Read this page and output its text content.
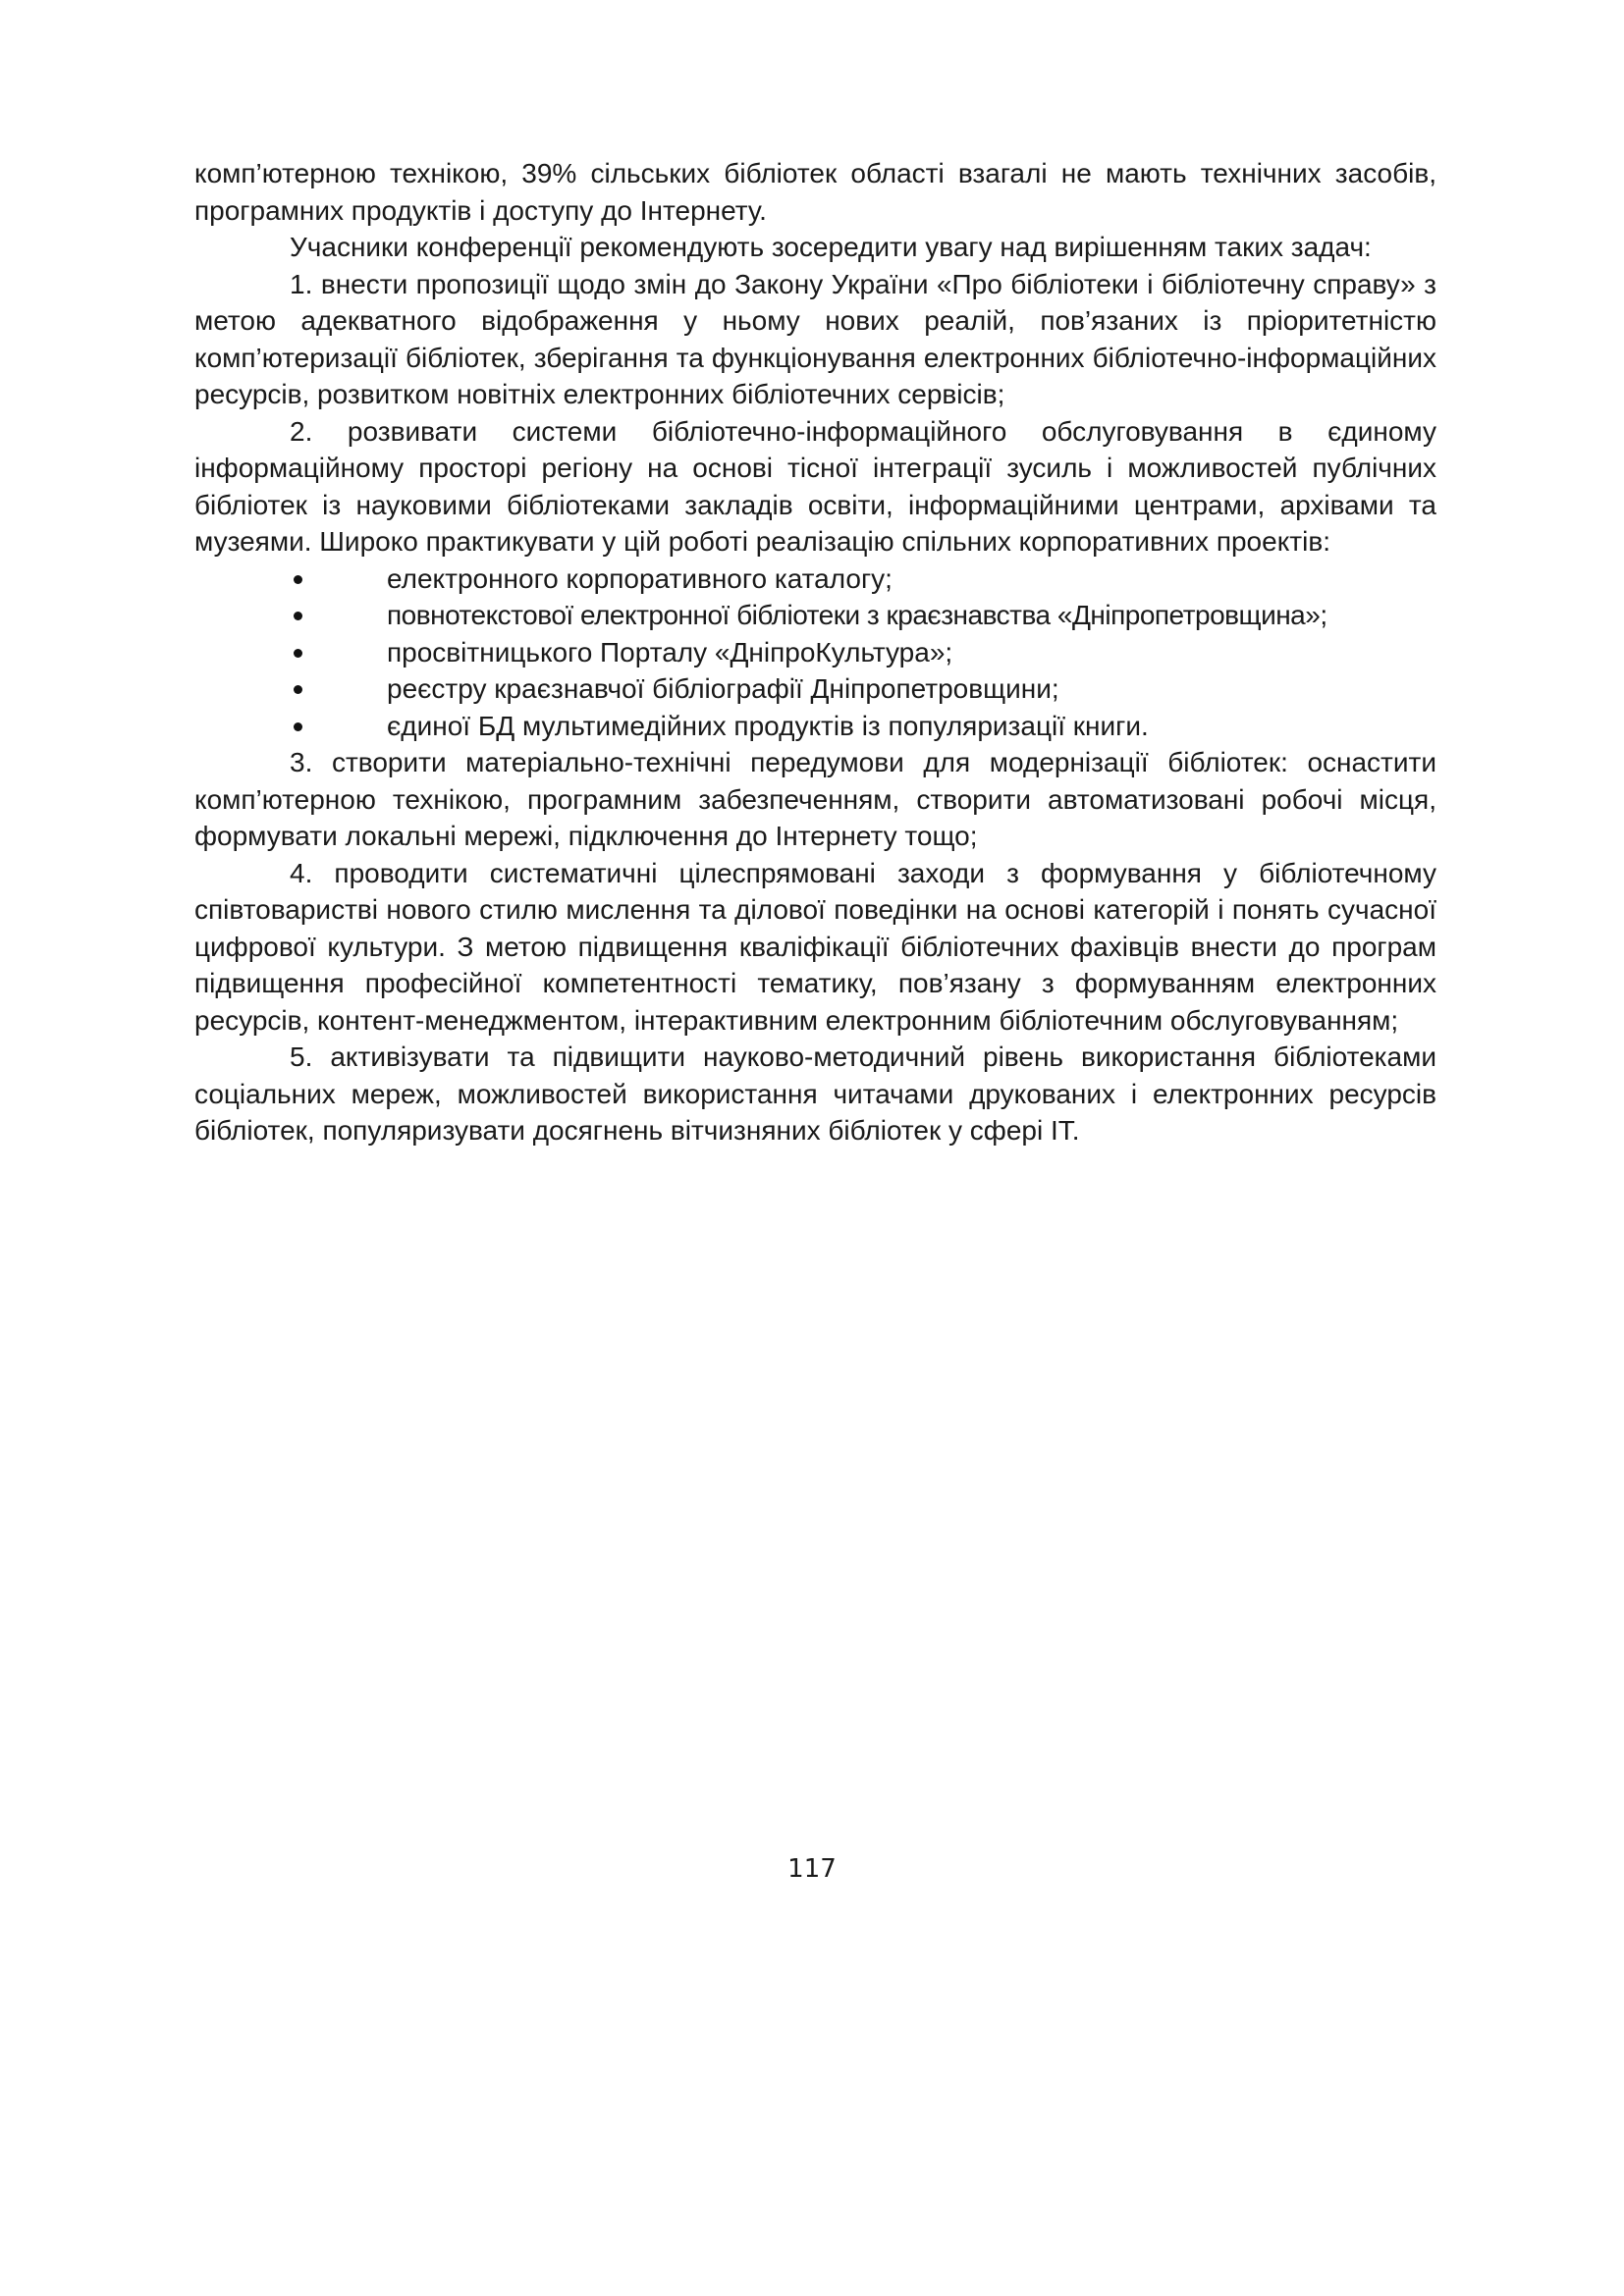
комп’ютерною технікою, 39% сільських бібліотек області взагалі не мають технічних засобів, програмних продуктів і доступу до Інтернету.

Учасники конференції рекомендують зосередити увагу над вирішенням таких задач:

1. внести пропозиції щодо змін до Закону України «Про бібліотеки і бібліотечну справу» з метою адекватного відображення у ньому нових реалій, пов’язаних із пріоритетністю комп’ютеризації бібліотек, зберігання та функціонування електронних бібліотечно-інформаційних ресурсів, розвитком новітніх електронних бібліотечних сервісів;

2. розвивати системи бібліотечно-інформаційного обслуговування в єдиному інформаційному просторі регіону на основі тісної інтеграції зусиль і можливостей публічних бібліотек із науковими бібліотеками закладів освіти, інформаційними центрами, архівами та музеями. Широко практикувати у цій роботі реалізацію спільних корпоративних проектів:

електронного корпоративного каталогу;
повнотекстової електронної бібліотеки з краєзнавства «Дніпропетровщина»;
просвітницького Порталу «ДніпроКультура»;
реєстру краєзнавчої бібліографії Дніпропетровщини;
єдиної БД мультимедійних продуктів із популяризації книги.

3. створити матеріально-технічні передумови для модернізації бібліотек: оснастити комп’ютерною технікою, програмним забезпеченням, створити автоматизовані робочі місця, формувати локальні мережі, підключення до Інтернету тощо;

4. проводити систематичні цілеспрямовані заходи з формування у бібліотечному співтоваристві нового стилю мислення та ділової поведінки на основі категорій і понять сучасної цифрової культури. З метою підвищення кваліфікації бібліотечних фахівців внести до програм підвищення професійної компетентності тематику, пов’язану з формуванням електронних ресурсів, контент-менеджментом, інтерактивним електронним бібліотечним обслуговуванням;

5. активізувати та підвищити науково-методичний рівень використання бібліотеками соціальних мереж, можливостей використання читачами друкованих і електронних ресурсів бібліотек, популяризувати досягнень вітчизняних бібліотек у сфері ІТ.

117
